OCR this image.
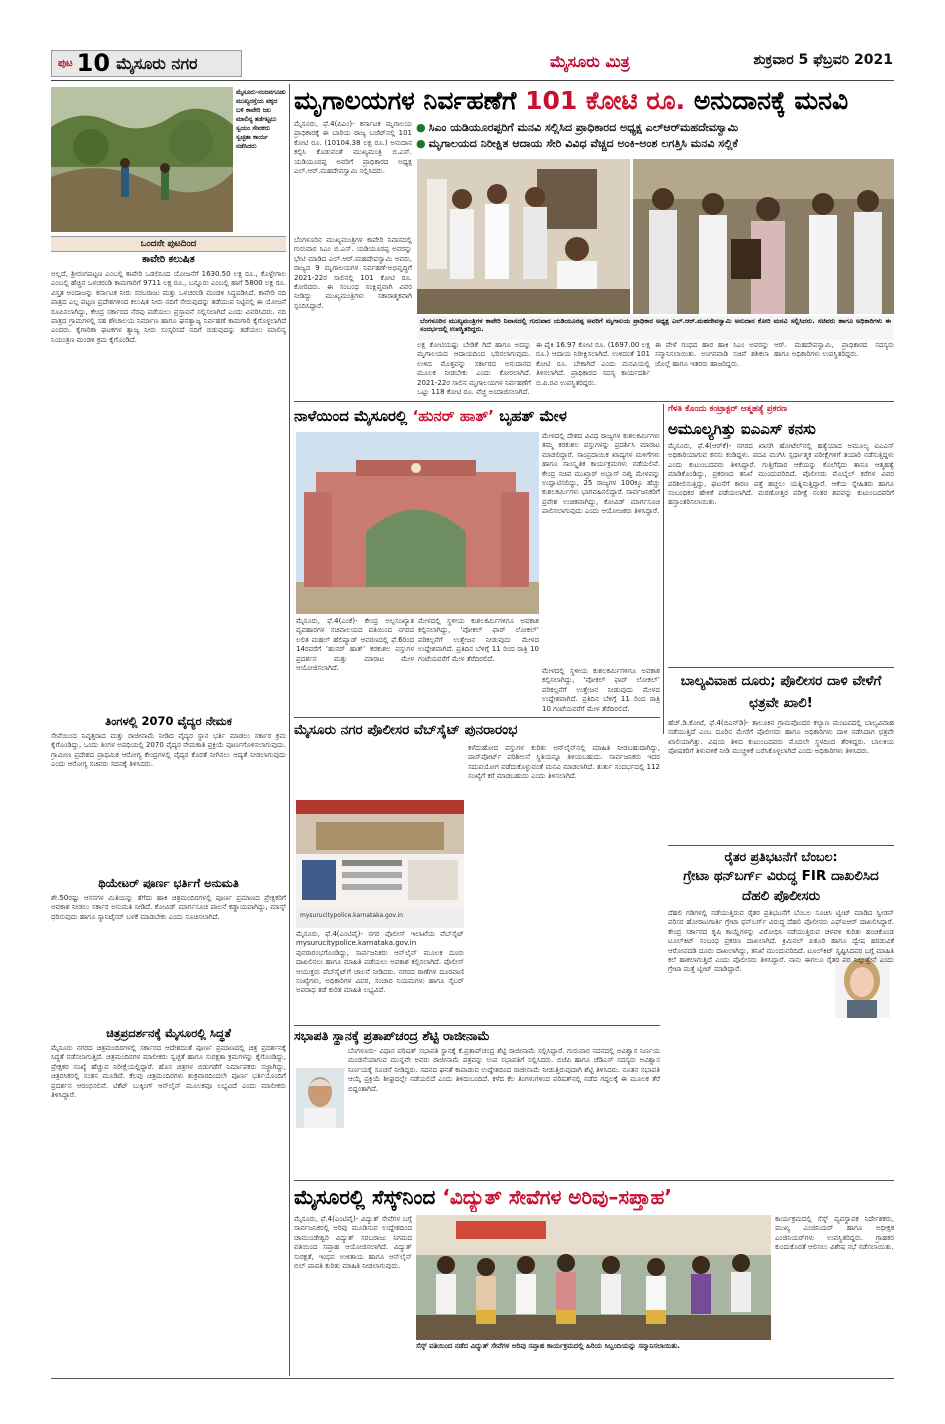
ಪುಟ 10 ಮೈಸೂರು ನಗರ	ಮೈಸೂರು ಮಿತ್ರ	ಶುಕ್ರವಾರ 5 ಫೆಬ್ರವರಿ 2021
ಮೈಸೂರು-ನಂಜನಗೂಡು ಮುಖ್ಯರಸ್ತೆಯ ಪಕ್ಕದ ಬಳಿ ಕಾವೇರಿ ಜಲ ಮಾಲಿನ್ಯ ತಡೆಗಟ್ಟಲು ಸ್ವಯಂ ಸೇವಕರು ಸ್ವಚ್ಛತಾ ಕಾರ್ಯ ನಡೆಸಿದರು
ಒಂದನೇ ಪುಟದಿಂದ
ಕಾವೇರಿ ಕಲುಷಿತ
ಅಲ್ಲದೆ, ಶ್ರೀರಂಗಪಟ್ಟಣ ಎಂಬಲ್ಲಿ ಕಾವೇರಿ ಒಡಲಿನಿಂದ ಯೋಜನೆಗೆ 1630.50 ಲಕ್ಷ ರೂ., ಕೊಳ್ಳೇಗಾಲ ಎಂಬಲ್ಲಿ ಹೆಚ್ಚಿನ ಒಳಚರಂಡಿ ಕಾಮಗಾರಿಗೆ 9711 ಲಕ್ಷ ರೂ., ಬನ್ನೂರು ಎಂಬಲ್ಲಿ ಹಾಗೆ 5800 ಲಕ್ಷ ರೂ. ವಿಸ್ತೃತ ಅಂದಾಜನ್ನು ಕರ್ನಾಟಕ ನೀರು ಸರಬರಾಜು ಮತ್ತು ಒಳಚರಂಡಿ ಮಂಡಳಿ ಸಿದ್ಧಪಡಿಸಿದೆ. ಕಾವೇರಿ ನದಿ ಪಾತ್ರದ ಎಲ್ಲ ಪಟ್ಟಣ ಪ್ರದೇಶಗಳಿಂದ ಕಲುಷಿತ ನೀರು ನದಿಗೆ ಸೇರುವುದನ್ನು ತಡೆಯುವ ನಿಟ್ಟಿನಲ್ಲಿ ಈ ಯೋಜನೆ ರೂಪಿಸಲಾಗಿದ್ದು, ಕೇಂದ್ರ ಸರ್ಕಾರದ ನೆರವು ಪಡೆಯಲು ಪ್ರಸ್ತಾವನೆ ಸಲ್ಲಿಸಲಾಗಿದೆ ಎಂದು ವಿವರಿಸಿದರು. ನದಿ ಪಾತ್ರದ ಗ್ರಾಮಗಳಲ್ಲಿ ಸಹ ಶೌಚಾಲಯ ನಿರ್ಮಾಣ ಹಾಗೂ ಘನತ್ಯಾಜ್ಯ ನಿರ್ವಹಣೆ ಕಾಮಗಾರಿ ಕೈಗೊಳ್ಳಲಾಗಿದೆ ಎಂದರು. ಕೈಗಾರಿಕಾ ಘಟಕಗಳ ತ್ಯಾಜ್ಯ ನೀರು ಸಂಸ್ಕರಿಸದೆ ನದಿಗೆ ಬಿಡುವುದನ್ನು ತಡೆಯಲು ಮಾಲಿನ್ಯ ನಿಯಂತ್ರಣ ಮಂಡಳಿ ಕ್ರಮ ಕೈಗೊಂಡಿದೆ.
ತಿಂಗಳಲ್ಲಿ 2070 ವೈದ್ಯರ ನೇಮಕ
ಸೇವೆಯಿಂದ ನಿವೃತ್ತರಾದ ಮತ್ತು ರಾಜೀನಾಮೆ ನೀಡಿದ ವೈದ್ಯರ ಸ್ಥಾನ ಭರ್ತಿ ಮಾಡಲು ಸರ್ಕಾರ ಕ್ರಮ ಕೈಗೊಂಡಿದ್ದು, ಒಂದು ತಿಂಗಳ ಅವಧಿಯಲ್ಲಿ 2070 ವೈದ್ಯರ ನೇಮಕಾತಿ ಪ್ರಕ್ರಿಯೆ ಪೂರ್ಣಗೊಳಿಸಲಾಗುವುದು. ಗ್ರಾಮೀಣ ಪ್ರದೇಶದ ಪ್ರಾಥಮಿಕ ಆರೋಗ್ಯ ಕೇಂದ್ರಗಳಲ್ಲಿ ವೈದ್ಯರ ಕೊರತೆ ನೀಗಿಸಲು ಆದ್ಯತೆ ನೀಡಲಾಗುವುದು ಎಂದು ಆರೋಗ್ಯ ಸಚಿವರು ಸದನಕ್ಕೆ ತಿಳಿಸಿದರು.
ಥಿಯೇಟರ್ ಪೂರ್ಣ ಭರ್ತಿಗೆ ಅನುಮತಿ
ಶೇ.50ರಷ್ಟು ಆಸನಗಳ ಮಿತಿಯನ್ನು ತೆಗೆದು ಹಾಕಿ ಚಿತ್ರಮಂದಿರಗಳಲ್ಲಿ ಪೂರ್ಣ ಪ್ರಮಾಣದ ಪ್ರೇಕ್ಷಕರಿಗೆ ಅವಕಾಶ ನೀಡಲು ಸರ್ಕಾರ ಅನುಮತಿ ನೀಡಿದೆ. ಕೋವಿಡ್ ಮಾರ್ಗಸೂಚಿ ಪಾಲನೆ ಕಡ್ಡಾಯವಾಗಿದ್ದು, ಮಾಸ್ಕ್ ಧರಿಸುವುದು ಹಾಗೂ ಸ್ಯಾನಿಟೈಸರ್ ಬಳಕೆ ಮಾಡಬೇಕು ಎಂದು ಸೂಚಿಸಲಾಗಿದೆ.
ಚಿತ್ರಪ್ರದರ್ಶನಕ್ಕೆ ಮೈಸೂರಲ್ಲಿ ಸಿದ್ಧತೆ
ಮೈಸೂರು ನಗರದ ಚಿತ್ರಮಂದಿರಗಳಲ್ಲಿ ಸರ್ಕಾರದ ಆದೇಶದಂತೆ ಪೂರ್ಣ ಪ್ರಮಾಣದಲ್ಲಿ ಚಿತ್ರ ಪ್ರದರ್ಶನಕ್ಕೆ ಸಿದ್ಧತೆ ನಡೆಸಲಾಗುತ್ತಿದೆ. ಚಿತ್ರಮಂದಿರಗಳ ಮಾಲೀಕರು ಸ್ವಚ್ಛತೆ ಹಾಗೂ ಸುರಕ್ಷತಾ ಕ್ರಮಗಳನ್ನು ಕೈಗೊಂಡಿದ್ದು, ಪ್ರೇಕ್ಷಕರ ಸಂಖ್ಯೆ ಹೆಚ್ಚುವ ನಿರೀಕ್ಷೆಯಲ್ಲಿದ್ದಾರೆ. ಹೊಸ ಚಿತ್ರಗಳ ಬಿಡುಗಡೆಗೆ ನಿರ್ಮಾಪಕರು ಸಜ್ಜಾಗಿದ್ದು, ಚಿತ್ರರಸಿಕರಲ್ಲಿ ಸಂತಸ ಮೂಡಿದೆ. ಕೆಲವು ಚಿತ್ರಮಂದಿರಗಳು ಶುಕ್ರವಾರದಿಂದಲೇ ಪೂರ್ಣ ಭರ್ತಿಯೊಂದಿಗೆ ಪ್ರದರ್ಶನ ಆರಂಭಿಸಲಿವೆ. ಟಿಕೆಟ್ ಬುಕ್ಕಿಂಗ್ ಆನ್‌ಲೈನ್ ಮೂಲಕವೂ ಲಭ್ಯವಿದೆ ಎಂದು ಮಾಲೀಕರು ತಿಳಿಸಿದ್ದಾರೆ.
ಮೃಗಾಲಯಗಳ ನಿರ್ವಹಣೆಗೆ 101 ಕೋಟಿ ರೂ. ಅನುದಾನಕ್ಕೆ ಮನವಿ
ಮೈಸೂರು, ಫೆ.4(ಪಿಎಂ)- ಕರ್ನಾಟಕ ಮೃಗಾಲಯ ಪ್ರಾಧಿಕಾರಕ್ಕೆ ಈ ಬಾರಿಯ ರಾಜ್ಯ ಬಜೆಟ್‌ನಲ್ಲಿ 101 ಕೋಟಿ ರೂ. (10104.38 ಲಕ್ಷ ರೂ.) ಅನುದಾನ ಕಲ್ಪಿಸಿ ಕೊಡುವಂತೆ ಮುಖ್ಯಮಂತ್ರಿ ಬಿ.ಎಸ್. ಯಡಿಯೂರಪ್ಪ ಅವರಿಗೆ ಪ್ರಾಧಿಕಾರದ ಅಧ್ಯಕ್ಷ ಎಲ್.ಆರ್.ಮಹದೇವಸ್ವಾಮಿ ಸಲ್ಲಿಸಿದರು.
● ಸಿಎಂ ಯಡಿಯೂರಪ್ಪರಿಗೆ ಮನವಿ ಸಲ್ಲಿಸಿದ ಪ್ರಾಧಿಕಾರದ ಅಧ್ಯಕ್ಷ ಎಲ್‌ಆರ್‌ಮಹದೇವಸ್ವಾಮಿ
● ಮೃಗಾಲಯದ ನಿರೀಕ್ಷಿತ ಆದಾಯ ಸೇರಿ ವಿವಿಧ ವೆಚ್ಚದ ಅಂಕಿ-ಅಂಶ ಲಗತ್ತಿಸಿ ಮನವಿ ಸಲ್ಲಿಕೆ
ಬೆಂಗಳೂರಿನ ಮುಖ್ಯಮಂತ್ರಿಗಳ ಕಾವೇರಿ ನಿವಾಸದಲ್ಲಿ ಗುರುವಾರ ಸಿಎಂ ಬಿ.ಎಸ್. ಯಡಿಯೂರಪ್ಪ ಅವರನ್ನು ಭೇಟಿ ಮಾಡಿದ ಎಲ್.ಆರ್.ಮಹದೇವಸ್ವಾಮಿ ಅವರು, ರಾಜ್ಯದ 9 ಮೃಗಾಲಯಗಳ ನಿರ್ವಹಣೆ-ಅಭಿವೃದ್ಧಿಗೆ 2021-22ರ ಸಾಲಿನಲ್ಲಿ 101 ಕೋಟಿ ರೂ. ಕೋರಿದರು. ಈ ಸಂಬಂಧ ಸಂಕ್ಷಿಪ್ತವಾಗಿ ವಿವರ ನೀಡಿದ್ದು ಮುಖ್ಯಮಂತ್ರಿಗಳು ಸಕಾರಾತ್ಮಕವಾಗಿ ಸ್ಪಂದಿಸಿದ್ದಾರೆ.
ಬೆಂಗಳೂರಿನ ಮುಖ್ಯಮಂತ್ರಿಗಳ ಕಾವೇರಿ ನಿವಾಸದಲ್ಲಿ ಗುರುವಾರ ಯಡಿಯೂರಪ್ಪ ಅವರಿಗೆ ಮೃಗಾಲಯ ಪ್ರಾಧಿಕಾರ ಅಧ್ಯಕ್ಷ ಎಲ್.ಆರ್.ಮಹದೇವಸ್ವಾಮಿ ಅನುದಾನ ಕೋರಿ ಮನವಿ ಸಲ್ಲಿಸಿದರು. ಸಚಿವರು ಹಾಗೂ ಅಧಿಕಾರಿಗಳು ಈ ಸಂದರ್ಭದಲ್ಲಿ ಉಪಸ್ಥಿತರಿದ್ದರು.
ಲಕ್ಷ ಕೋಟಿಯಷ್ಟು ಬೇಡಿಕೆ ಗಿದೆ ಹಾಗೂ ಅದನ್ನು ಮೃಗಾಲಯದ ಆದಾಯದಿಂದ ಭರಿಸಲಾಗುವುದು. ಉಳಿದ ಮೊತ್ತವನ್ನು ಸರ್ಕಾರದ ಅನುದಾನದ ಮೂಲಕ ನೀಡಬೇಕು ಎಂದು ಕೋರಲಾಗಿದೆ. 2021-22ರ ಸಾಲಿನ ಮೃಗಾಲಯಗಳ ನಿರ್ವಹಣೆಗೆ ಒಟ್ಟು 118 ಕೋಟಿ ರೂ. ವೆಚ್ಚ ಅಂದಾಜಿಸಲಾಗಿದೆ.
ಈ ಪೈಕಿ 16.97 ಕೋಟಿ ರೂ. (1697.00 ಲಕ್ಷ ರೂ.) ಆದಾಯ ನಿರೀಕ್ಷಿಸಲಾಗಿದೆ. ಉಳಿದಂತೆ 101 ಕೋಟಿ ರೂ. ಬೇಕಾಗಿದೆ ಎಂದು ಮನವಿಯಲ್ಲಿ ತಿಳಿಸಲಾಗಿದೆ. ಪ್ರಾಧಿಕಾರದ ಸದಸ್ಯ ಕಾರ್ಯದರ್ಶಿ ಬಿ.ಪಿ.ರವಿ ಉಪಸ್ಥಿತರಿದ್ದರು.
ಈ ವೇಳೆ ಗಂಧದ ಹಾರ ಹಾಕಿ ಸಿಎಂ ಅವರನ್ನು ಸನ್ಮಾನಿಸಲಾಯಿತು. ಅಂಗನವಾಡಿ ಸಚಿವೆ ಶಶಿಕಲಾ ಜೊಲ್ಲೆ ಹಾಗೂ ಇತರರು ಹಾಜರಿದ್ದರು.
ಆರ್. ಮಹದೇವಸ್ವಾಮಿ, ಪ್ರಾಧಿಕಾರದ ಸದಸ್ಯರು ಹಾಗೂ ಅಧಿಕಾರಿಗಳು ಉಪಸ್ಥಿತರಿದ್ದರು.
ನಾಳೆಯಿಂದ ಮೈಸೂರಲ್ಲಿ ‘ಹುನರ್ ಹಾತ್’ ಬೃಹತ್ ಮೇಳ
ಮೇಳದಲ್ಲಿ ದೇಶದ ವಿವಿಧ ರಾಜ್ಯಗಳ ಕುಶಲಕರ್ಮಿಗಳು ತಮ್ಮ ಕರಕುಶಲ ವಸ್ತುಗಳನ್ನು ಪ್ರದರ್ಶಿಸಿ ಮಾರಾಟ ಮಾಡಲಿದ್ದಾರೆ. ಸಾಂಪ್ರದಾಯಿಕ ಖಾದ್ಯಗಳ ಮಳಿಗೆಗಳು ಹಾಗೂ ಸಾಂಸ್ಕೃತಿಕ ಕಾರ್ಯಕ್ರಮಗಳು ನಡೆಯಲಿವೆ. ಕೇಂದ್ರ ಸಚಿವ ಮುಖ್ತಾರ್ ಅಬ್ಬಾಸ್ ನಖ್ವಿ ಮೇಳವನ್ನು ಉದ್ಘಾಟಿಸಲಿದ್ದು, 25 ರಾಜ್ಯಗಳ 100ಕ್ಕೂ ಹೆಚ್ಚು ಕುಶಲಕರ್ಮಿಗಳು ಭಾಗವಹಿಸಲಿದ್ದಾರೆ. ಸಾರ್ವಜನಿಕರಿಗೆ ಪ್ರವೇಶ ಉಚಿತವಾಗಿದ್ದು, ಕೋವಿಡ್ ಮಾರ್ಗಸೂಚಿ ಪಾಲಿಸಲಾಗುವುದು ಎಂದು ಆಯೋಜಕರು ತಿಳಿಸಿದ್ದಾರೆ.
ಮೈಸೂರು, ಫೆ.4(ಎಂಕೆ)- ಕೇಂದ್ರ ಅಲ್ಪಸಂಖ್ಯಾತ ವ್ಯವಹಾರಗಳ ಸಚಿವಾಲಯದ ವತಿಯಿಂದ ನಗರದ ಲಲಿತ ಮಹಲ್ ಹೆಲಿಪ್ಯಾಡ್ ಆವರಣದಲ್ಲಿ ಫೆ.6ರಿಂದ 14ರವರೆಗೆ ‘ಹುನರ್ ಹಾತ್’ ಕರಕುಶಲ ವಸ್ತುಗಳ ಪ್ರದರ್ಶನ ಮತ್ತು ಮಾರಾಟ ಮೇಳ ಆಯೋಜಿಸಲಾಗಿದೆ.
ಮೇಳದಲ್ಲಿ ಸ್ಥಳೀಯ ಕುಶಲಕರ್ಮಿಗಳಿಗೂ ಅವಕಾಶ ಕಲ್ಪಿಸಲಾಗಿದ್ದು, ‘ವೋಕಲ್ ಫಾರ್ ಲೋಕಲ್’ ಪರಿಕಲ್ಪನೆಗೆ ಉತ್ತೇಜನ ನೀಡುವುದು ಮೇಳದ ಉದ್ದೇಶವಾಗಿದೆ. ಪ್ರತಿದಿನ ಬೆಳಿಗ್ಗೆ 11 ರಿಂದ ರಾತ್ರಿ 10 ಗಂಟೆಯವರೆಗೆ ಮೇಳ ತೆರೆದಿರಲಿದೆ.
ಮೇಳದಲ್ಲಿ ಸ್ಥಳೀಯ ಕುಶಲಕರ್ಮಿಗಳಿಗೂ ಅವಕಾಶ ಕಲ್ಪಿಸಲಾಗಿದ್ದು, ‘ವೋಕಲ್ ಫಾರ್ ಲೋಕಲ್’ ಪರಿಕಲ್ಪನೆಗೆ ಉತ್ತೇಜನ ನೀಡುವುದು ಮೇಳದ ಉದ್ದೇಶವಾಗಿದೆ. ಪ್ರತಿದಿನ ಬೆಳಿಗ್ಗೆ 11 ರಿಂದ ರಾತ್ರಿ 10 ಗಂಟೆಯವರೆಗೆ ಮೇಳ ತೆರೆದಿರಲಿದೆ.
ಗೆಳತಿ ಕೊಂದು ಕಂಟ್ರಾಕ್ಟರ್ ಆತ್ಮಹತ್ಯೆ ಪ್ರಕರಣ
ಅಮೂಲ್ಯಗಿತ್ತು ಐಎಎಸ್ ಕನಸು
ಮೈಸೂರು, ಫೆ.4(ಆರ್‌ಕೆ)- ನಗರದ ಖಾಸಗಿ ಹೋಟೆಲ್‌ನಲ್ಲಿ ಹತ್ಯೆಯಾದ ಅಮೂಲ್ಯ ಐಎಎಸ್ ಅಧಿಕಾರಿಯಾಗುವ ಕನಸು ಕಂಡಿದ್ದಳು. ಪದವಿ ಮುಗಿಸಿ ಸ್ಪರ್ಧಾತ್ಮಕ ಪರೀಕ್ಷೆಗಳಿಗೆ ತಯಾರಿ ನಡೆಸುತ್ತಿದ್ದಳು ಎಂದು ಕುಟುಂಬದವರು ತಿಳಿಸಿದ್ದಾರೆ. ಗುತ್ತಿಗೆದಾರ ಆಕೆಯನ್ನು ಕೊಲೆಗೈದು ತಾನೂ ಆತ್ಮಹತ್ಯೆ ಮಾಡಿಕೊಂಡಿದ್ದು, ಪ್ರಕರಣದ ತನಿಖೆ ಮುಂದುವರಿದಿದೆ. ಪೊಲೀಸರು ಮೊಬೈಲ್ ಕರೆಗಳ ವಿವರ ಪರಿಶೀಲಿಸುತ್ತಿದ್ದು, ಘಟನೆಗೆ ಕಾರಣ ಪತ್ತೆ ಹಚ್ಚಲು ಯತ್ನಿಸುತ್ತಿದ್ದಾರೆ. ಆಕೆಯ ಸ್ನೇಹಿತರು ಹಾಗೂ ಸಂಬಂಧಿಕರ ಹೇಳಿಕೆ ಪಡೆಯಲಾಗಿದೆ. ಮರಣೋತ್ತರ ಪರೀಕ್ಷೆ ನಂತರ ಶವವನ್ನು ಕುಟುಂಬದವರಿಗೆ ಹಸ್ತಾಂತರಿಸಲಾಯಿತು.
ಬಾಲ್ಯವಿವಾಹ ದೂರು; ಪೊಲೀಸರ ದಾಳಿ ವೇಳೆಗೆ ಛತ್ರವೇ ಖಾಲಿ!
ಹೆಚ್.ಡಿ.ಕೋಟೆ, ಫೆ.4(ಬಿಎನ್‌ಡಿ)- ತಾಲೂಕಿನ ಗ್ರಾಮವೊಂದರ ಕಲ್ಯಾಣ ಮಂಟಪದಲ್ಲಿ ಬಾಲ್ಯವಿವಾಹ ನಡೆಯುತ್ತಿದೆ ಎಂಬ ದೂರಿನ ಮೇರೆಗೆ ಪೊಲೀಸರು ಹಾಗೂ ಅಧಿಕಾರಿಗಳು ದಾಳಿ ನಡೆಸಿದಾಗ ಛತ್ರವೇ ಖಾಲಿಯಾಗಿತ್ತು. ವಿಷಯ ತಿಳಿದ ಕುಟುಂಬದವರು ಮೊದಲೇ ಸ್ಥಳದಿಂದ ತೆರಳಿದ್ದರು. ಬಾಲಕಿಯ ಪೋಷಕರಿಗೆ ತಿಳುವಳಿಕೆ ನೀಡಿ ಮುಚ್ಚಳಿಕೆ ಬರೆಸಿಕೊಳ್ಳಲಾಗಿದೆ ಎಂದು ಅಧಿಕಾರಿಗಳು ತಿಳಿಸಿದರು.
ಮೈಸೂರು ನಗರ ಪೊಲೀಸರ ವೆಬ್‌ಸೈಟ್ ಪುನರಾರಂಭ
mysurucitypolice.karnataka.gov.in
ಮೈಸೂರು, ಫೆ.4(ಎಂಟಿವೈ)- ನಗರ ಪೊಲೀಸ್ ಇಲಾಖೆಯ ವೆಬ್‌ಸೈಟ್ mysurucitypolice.karnataka.gov.in ಪುನರಾರಂಭಗೊಂಡಿದ್ದು, ಸಾರ್ವಜನಿಕರು ಆನ್‌ಲೈನ್ ಮೂಲಕ ದೂರು ದಾಖಲಿಸಲು ಹಾಗೂ ಮಾಹಿತಿ ಪಡೆಯಲು ಅವಕಾಶ ಕಲ್ಪಿಸಲಾಗಿದೆ. ಪೊಲೀಸ್ ಆಯುಕ್ತರು ವೆಬ್‌ಸೈಟ್‌ಗೆ ಚಾಲನೆ ನೀಡಿದರು. ನಗರದ ಠಾಣೆಗಳ ದೂರವಾಣಿ ಸಂಖ್ಯೆಗಳು, ಅಧಿಕಾರಿಗಳ ವಿವರ, ಸಂಚಾರ ನಿಯಮಗಳು ಹಾಗೂ ಸೈಬರ್ ಅಪರಾಧ ತಡೆ ಕುರಿತ ಮಾಹಿತಿ ಲಭ್ಯವಿದೆ.
ಕಳೆದುಹೋದ ವಸ್ತುಗಳ ಕುರಿತು ಆನ್‌ಲೈನ್‌ನಲ್ಲಿ ಮಾಹಿತಿ ನೀಡಬಹುದಾಗಿದ್ದು, ಪಾಸ್‌ಪೋರ್ಟ್ ಪರಿಶೀಲನೆ ಸ್ಥಿತಿಯನ್ನೂ ತಿಳಿಯಬಹುದು. ಸಾರ್ವಜನಿಕರು ಇದರ ಸದುಪಯೋಗ ಪಡೆದುಕೊಳ್ಳುವಂತೆ ಮನವಿ ಮಾಡಲಾಗಿದೆ. ತುರ್ತು ಸಂದರ್ಭದಲ್ಲಿ 112 ಸಂಖ್ಯೆಗೆ ಕರೆ ಮಾಡಬಹುದು ಎಂದು ತಿಳಿಸಲಾಗಿದೆ.
ರೈತರ ಪ್ರತಿಭಟನೆಗೆ ಬೆಂಬಲ:
ಗ್ರೇಟಾ ಥನ್‌ಬರ್ಗ್ ವಿರುದ್ಧ FIR ದಾಖಲಿಸಿದ ದೆಹಲಿ ಪೊಲೀಸರು
ದೆಹಲಿ ಗಡಿಗಳಲ್ಲಿ ನಡೆಯುತ್ತಿರುವ ರೈತರ ಪ್ರತಿಭಟನೆಗೆ ಬೆಂಬಲ ಸೂಚಿಸಿ ಟ್ವೀಟ್ ಮಾಡಿದ ಸ್ವೀಡನ್ ಪರಿಸರ ಹೋರಾಟಗಾರ್ತಿ ಗ್ರೇಟಾ ಥನ್‌ಬರ್ಗ್ ವಿರುದ್ಧ ದೆಹಲಿ ಪೊಲೀಸರು ಎಫ್‌ಐಆರ್ ದಾಖಲಿಸಿದ್ದಾರೆ. ಕೇಂದ್ರ ಸರ್ಕಾರದ ಕೃಷಿ ಕಾಯ್ದೆಗಳನ್ನು ವಿರೋಧಿಸಿ ನಡೆಯುತ್ತಿರುವ ಚಳವಳಿ ಕುರಿತು ಹಂಚಿಕೊಂಡ ಟೂಲ್‌ಕಿಟ್ ಸಂಬಂಧ ಪ್ರಕರಣ ದಾಖಲಾಗಿದೆ. ಕ್ರಿಮಿನಲ್ ಪಿತೂರಿ ಹಾಗೂ ದ್ವೇಷ ಹರಡುವಿಕೆ ಆರೋಪದಡಿ ದೂರು ದಾಖಲಾಗಿದ್ದು, ತನಿಖೆ ಮುಂದುವರಿದಿದೆ. ಟೂಲ್‌ಕಿಟ್ ಸೃಷ್ಟಿಸಿದವರ ಬಗ್ಗೆ ಮಾಹಿತಿ ಕಲೆ ಹಾಕಲಾಗುತ್ತಿದೆ ಎಂದು ಪೊಲೀಸರು ತಿಳಿಸಿದ್ದಾರೆ. ನಾನು ಈಗಲೂ ರೈತರ ಪರ ನಿಲ್ಲುತ್ತೇನೆ ಎಂದು ಗ್ರೇಟಾ ಮತ್ತೆ ಟ್ವೀಟ್ ಮಾಡಿದ್ದಾರೆ.
ಸಭಾಪತಿ ಸ್ಥಾನಕ್ಕೆ ಪ್ರತಾಪ್‌ಚಂದ್ರ ಶೆಟ್ಟಿ ರಾಜೀನಾಮೆ
ಬೆಂಗಳೂರು- ವಿಧಾನ ಪರಿಷತ್ ಸಭಾಪತಿ ಸ್ಥಾನಕ್ಕೆ ಕೆ.ಪ್ರತಾಪ್‌ಚಂದ್ರ ಶೆಟ್ಟಿ ರಾಜೀನಾಮೆ ಸಲ್ಲಿಸಿದ್ದಾರೆ. ಗುರುವಾರ ಸದನದಲ್ಲಿ ಅವಿಶ್ವಾಸ ನಿರ್ಣಯ ಮಂಡನೆಯಾಗುವ ಮುನ್ನವೇ ಅವರು ರಾಜೀನಾಮೆ ಪತ್ರವನ್ನು ಉಪ ಸಭಾಪತಿಗೆ ಸಲ್ಲಿಸಿದರು. ಬಿಜೆಪಿ ಹಾಗೂ ಜೆಡಿಎಸ್ ಸದಸ್ಯರು ಅವಿಶ್ವಾಸ ನಿರ್ಣಯಕ್ಕೆ ಸೂಚನೆ ನೀಡಿದ್ದರು. ಸದನದ ಘನತೆ ಕಾಪಾಡುವ ಉದ್ದೇಶದಿಂದ ರಾಜೀನಾಮೆ ನೀಡುತ್ತಿರುವುದಾಗಿ ಶೆಟ್ಟಿ ತಿಳಿಸಿದರು. ನೂತನ ಸಭಾಪತಿ ಆಯ್ಕೆ ಪ್ರಕ್ರಿಯೆ ಶೀಘ್ರದಲ್ಲೇ ನಡೆಯಲಿದೆ ಎಂದು ತಿಳಿದುಬಂದಿದೆ. ಕಳೆದ ಕೆಲ ತಿಂಗಳುಗಳಿಂದ ಪರಿಷತ್‌ನಲ್ಲಿ ನಡೆದ ಗದ್ದಲಕ್ಕೆ ಈ ಮೂಲಕ ತೆರೆ ಬಿದ್ದಂತಾಗಿದೆ.
ಮೈಸೂರಲ್ಲಿ ಸೆಸ್ಕ್‌ನಿಂದ ‘ವಿದ್ಯುತ್ ಸೇವೆಗಳ ಅರಿವು–ಸಪ್ತಾಹ’
ಮೈಸೂರು, ಫೆ.4(ಎಂಟಿವೈ)- ವಿದ್ಯುತ್ ಸೇವೆಗಳ ಬಗ್ಗೆ ಸಾರ್ವಜನಿಕರಲ್ಲಿ ಅರಿವು ಮೂಡಿಸುವ ಉದ್ದೇಶದಿಂದ ಚಾಮುಂಡೇಶ್ವರಿ ವಿದ್ಯುತ್ ಸರಬರಾಜು ನಿಗಮದ ವತಿಯಿಂದ ಸಪ್ತಾಹ ಆಯೋಜಿಸಲಾಗಿದೆ. ವಿದ್ಯುತ್ ಸುರಕ್ಷತೆ, ಇಂಧನ ಉಳಿತಾಯ ಹಾಗೂ ಆನ್‌ಲೈನ್ ಬಿಲ್ ಪಾವತಿ ಕುರಿತು ಮಾಹಿತಿ ನೀಡಲಾಗುವುದು.
ಸೆಸ್ಕ್ ವತಿಯಿಂದ ನಡೆದ ವಿದ್ಯುತ್ ಸೇವೆಗಳ ಅರಿವು ಸಪ್ತಾಹ ಕಾರ್ಯಕ್ರಮದಲ್ಲಿ ಹಿರಿಯ ಸಿಬ್ಬಂದಿಯನ್ನು ಸನ್ಮಾನಿಸಲಾಯಿತು.
ಕಾರ್ಯಕ್ರಮದಲ್ಲಿ ಸೆಸ್ಕ್ ವ್ಯವಸ್ಥಾಪಕ ನಿರ್ದೇಶಕರು, ಮುಖ್ಯ ಎಂಜಿನಿಯರ್ ಹಾಗೂ ಅಧೀಕ್ಷಕ ಎಂಜಿನಿಯರ್‌ಗಳು ಉಪಸ್ಥಿತರಿದ್ದರು. ಗ್ರಾಹಕರ ಕುಂದುಕೊರತೆ ಆಲಿಸಲು ವಿಶೇಷ ಸಭೆ ನಡೆಸಲಾಯಿತು.
